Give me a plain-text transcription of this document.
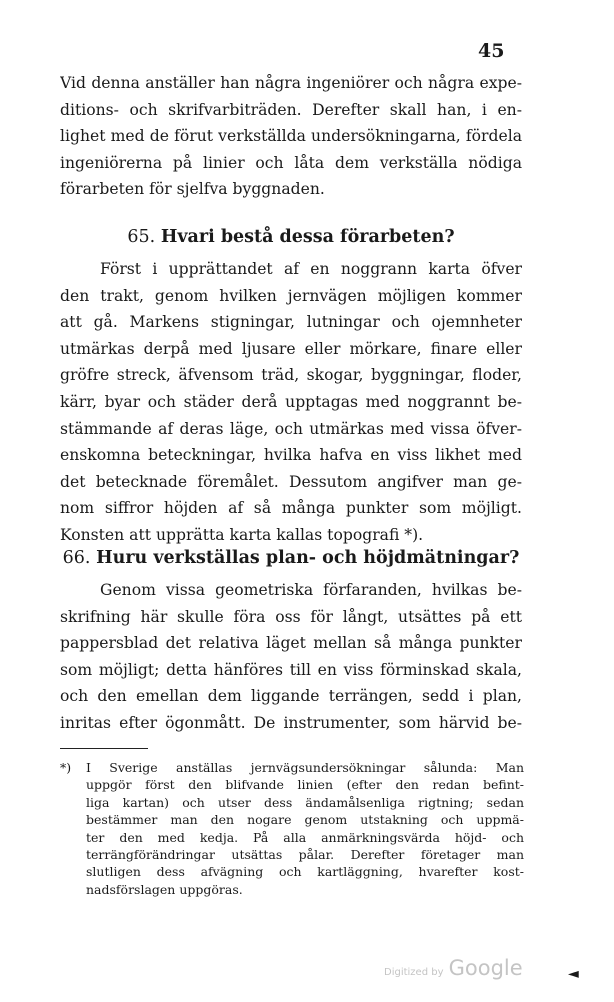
45
Vid denna anställer han några ingeniörer och några expe-
ditions- och skrifvarbiträden. Derefter skall han, i en-
lighet med de förut verkställda undersökningarna, fördela
ingeniörerna på linier och låta dem verkställa nödiga
förarbeten för sjelfva byggnaden.
65. Hvari bestå dessa förarbeten?
Först i upprättandet af en noggrann karta öfver
den trakt, genom hvilken jernvägen möjligen kommer
att gå. Markens stigningar, lutningar och ojemnheter
utmärkas derpå med ljusare eller mörkare, finare eller
gröfre streck, äfvensom träd, skogar, byggningar, floder,
kärr, byar och städer derå upptagas med noggrannt be-
stämmande af deras läge, och utmärkas med vissa öfver-
enskomna beteckningar, hvilka hafva en viss likhet med
det betecknade föremålet. Dessutom angifver man ge-
nom siffror höjden af så många punkter som möjligt.
Konsten att upprätta karta kallas topografi *).
66. Huru verkställas plan- och höjdmätningar?
Genom vissa geometriska förfaranden, hvilkas be-
skrifning här skulle föra oss för långt, utsättes på ett
pappersblad det relativa läget mellan så många punkter
som möjligt; detta hänföres till en viss förminskad skala,
och den emellan dem liggande terrängen, sedd i plan,
inritas efter ögonmått. De instrumenter, som härvid be-
*)	I Sverige anställas jernvägsundersökningar sålunda: Man
uppgör först den blifvande linien (efter den redan befint-
liga kartan) och utser dess ändamålsenliga rigtning; sedan
bestämmer man den nogare genom utstakning och uppmä-
ter den med kedja. På alla anmärkningsvärda höjd- och
terrängförändringar utsättas pålar. Derefter företager man
slutligen dess afvägning och kartläggning, hvarefter kost-
nadsförslagen uppgöras.
Digitized by Google	◄
